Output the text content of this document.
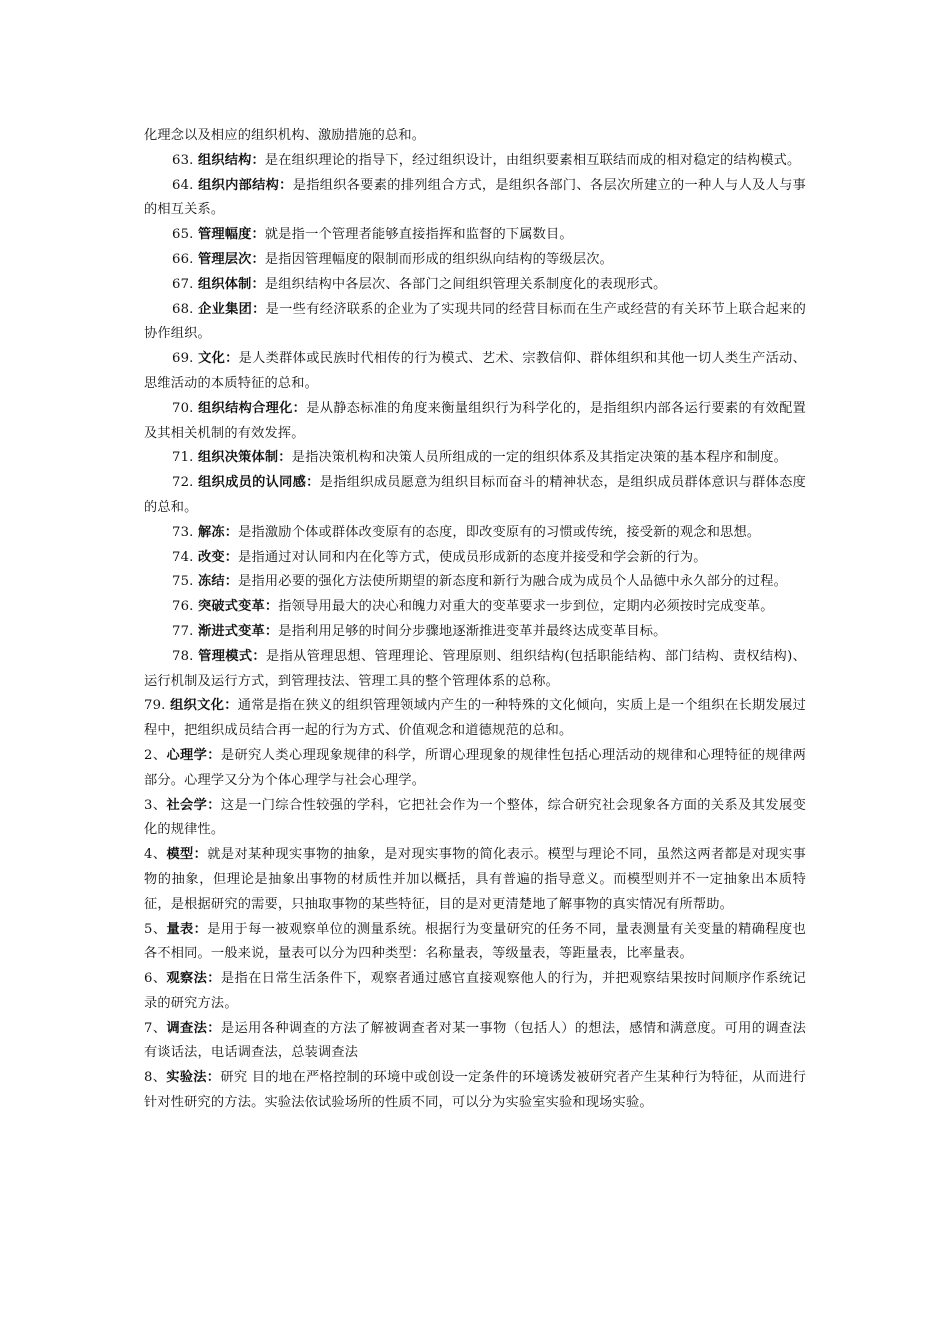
化理念以及相应的组织机构、激励措施的总和。

63. 组织结构：是在组织理论的指导下，经过组织设计，由组织要素相互联结而成的相对稳定的结构模式。

64. 组织内部结构：是指组织各要素的排列组合方式，是组织各部门、各层次所建立的一种人与人及人与事的相互关系。

65. 管理幅度：就是指一个管理者能够直接指挥和监督的下属数目。

66. 管理层次：是指因管理幅度的限制而形成的组织纵向结构的等级层次。

67. 组织体制：是组织结构中各层次、各部门之间组织管理关系制度化的表现形式。

68. 企业集团：是一些有经济联系的企业为了实现共同的经营目标而在生产或经营的有关环节上联合起来的协作组织。

69. 文化：是人类群体或民族时代相传的行为模式、艺术、宗教信仰、群体组织和其他一切人类生产活动、思维活动的本质特征的总和。

70. 组织结构合理化：是从静态标准的角度来衡量组织行为科学化的，是指组织内部各运行要素的有效配置及其相关机制的有效发挥。

71. 组织决策体制：是指决策机构和决策人员所组成的一定的组织体系及其指定决策的基本程序和制度。

72. 组织成员的认同感：是指组织成员愿意为组织目标而奋斗的精神状态，是组织成员群体意识与群体态度的总和。

73. 解冻：是指激励个体或群体改变原有的态度，即改变原有的习惯或传统，接受新的观念和思想。

74. 改变：是指通过对认同和内在化等方式，使成员形成新的态度并接受和学会新的行为。

75. 冻结：是指用必要的强化方法使所期望的新态度和新行为融合成为成员个人品德中永久部分的过程。

76. 突破式变革：指领导用最大的决心和魄力对重大的变革要求一步到位，定期内必须按时完成变革。

77. 渐进式变革：是指利用足够的时间分步骤地逐渐推进变革并最终达成变革目标。

78. 管理模式：是指从管理思想、管理理论、管理原则、组织结构(包括职能结构、部门结构、责权结构)、运行机制及运行方式，到管理技法、管理工具的整个管理体系的总称。

79. 组织文化：通常是指在狭义的组织管理领域内产生的一种特殊的文化倾向，实质上是一个组织在长期发展过程中，把组织成员结合再一起的行为方式、价值观念和道德规范的总和。

2、心理学：是研究人类心理现象规律的科学，所谓心理现象的规律性包括心理活动的规律和心理特征的规律两部分。心理学又分为个体心理学与社会心理学。

3、社会学：这是一门综合性较强的学科，它把社会作为一个整体，综合研究社会现象各方面的关系及其发展变化的规律性。

4、模型：就是对某种现实事物的抽象，是对现实事物的简化表示。模型与理论不同，虽然这两者都是对现实事物的抽象，但理论是抽象出事物的材质性并加以概括，具有普遍的指导意义。而模型则并不一定抽象出本质特征，是根据研究的需要，只抽取事物的某些特征，目的是对更清楚地了解事物的真实情况有所帮助。

5、量表：是用于每一被观察单位的测量系统。根据行为变量研究的任务不同，量表测量有关变量的精确程度也各不相同。一般来说，量表可以分为四种类型：名称量表，等级量表，等距量表，比率量表。

6、观察法：是指在日常生活条件下，观察者通过感官直接观察他人的行为，并把观察结果按时间顺序作系统记录的研究方法。

7、调查法：是运用各种调查的方法了解被调查者对某一事物（包括人）的想法，感情和满意度。可用的调查法有谈话法，电话调查法，总装调查法

8、实验法：研究 目的地在严格控制的环境中或创设一定条件的环境诱发被研究者产生某种行为特征，从而进行针对性研究的方法。实验法依试验场所的性质不同，可以分为实验室实验和现场实验。
